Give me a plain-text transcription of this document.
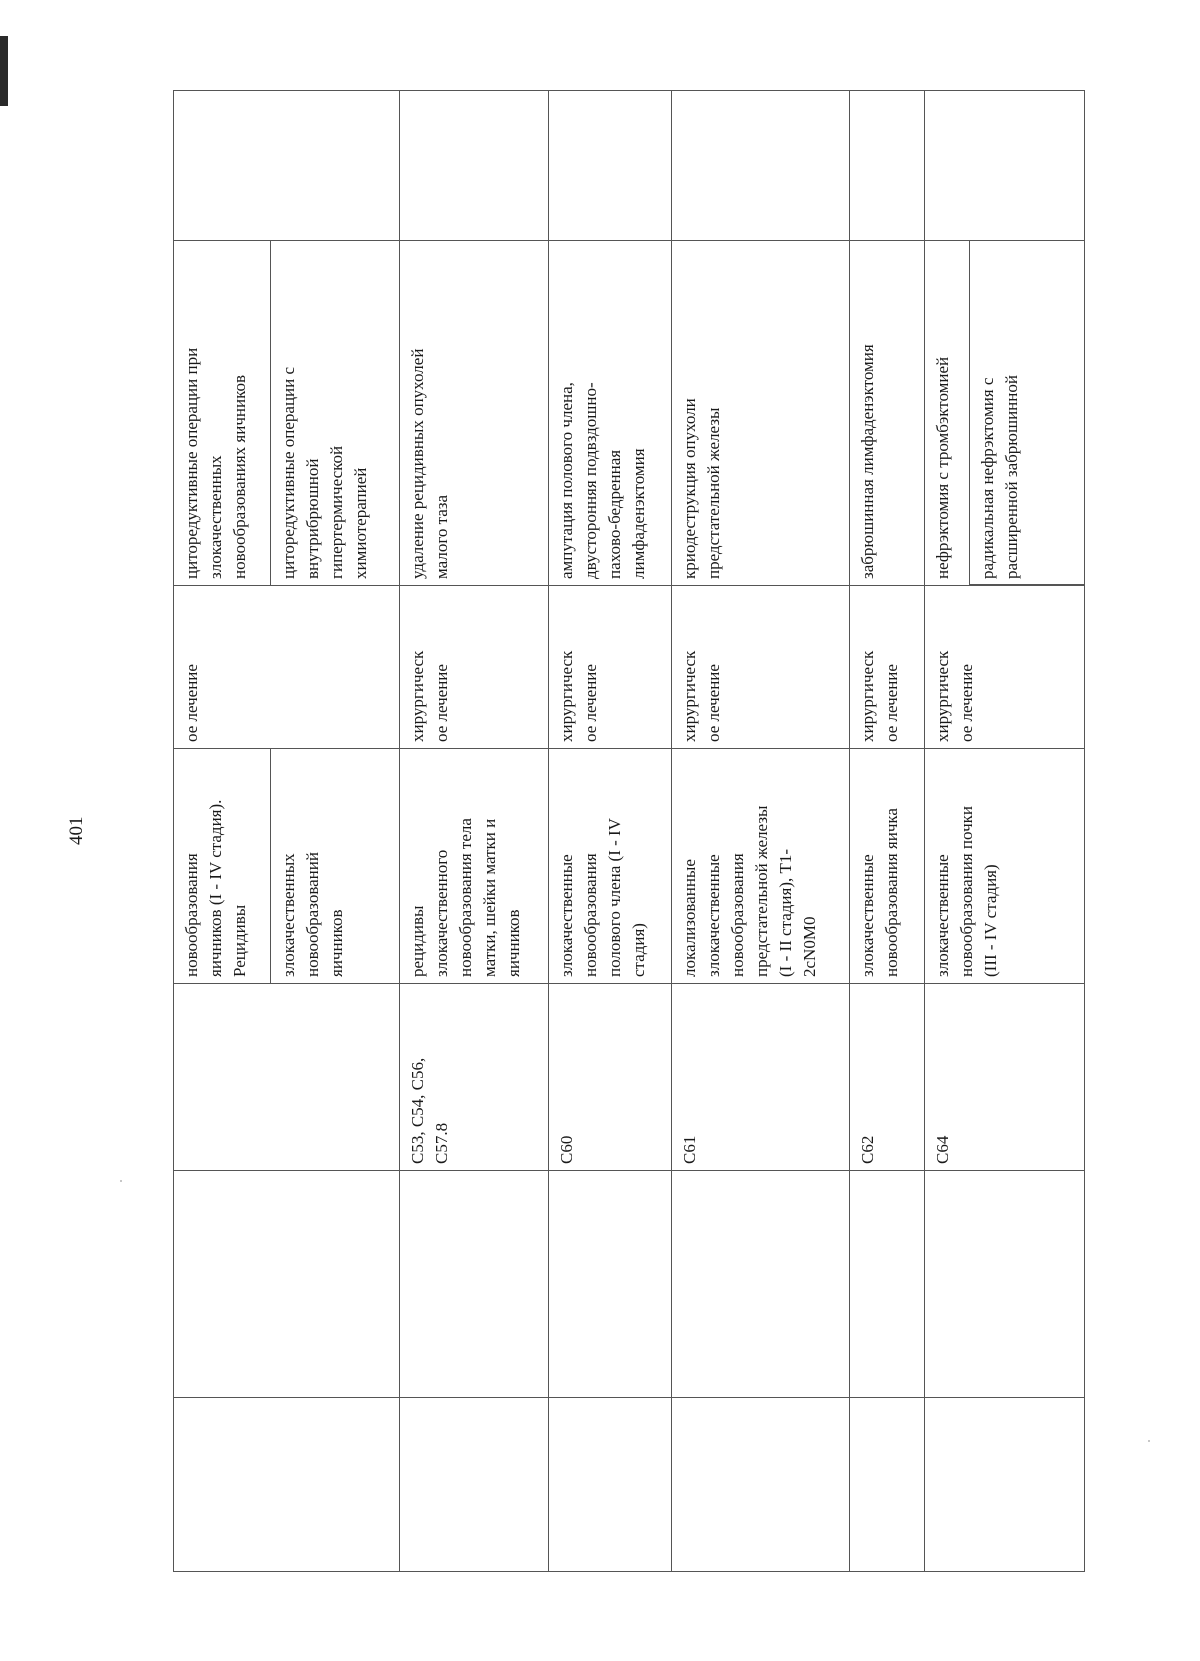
401
циторедуктивные операции при
злокачественных
новообразованиях яичников
циторедуктивные операции с
внутрибрюшной
гипертермической
химиотерапией
ое лечение
новообразования
яичников (I - IV стадия).
Рецидивы злокачественных
новообразований
яичников
удаление рецидивных опухолей
малого таза
хирургическ
ое лечение
рецидивы
злокачественного
новообразования тела
матки, шейки матки и
яичников
C53, C54, C56,
C57.8
ампутация полового члена,
двусторонняя подвздошно-
пахово-бедренная
лимфаденэктомия
хирургическ
ое лечение
злокачественные
новообразования
полового члена (I - IV
стадия)
C60
криодеструкция опухоли
предстательной железы
хирургическ
ое лечение
локализованные
злокачественные
новообразования
предстательной железы
(I - II стадия), T1-
2cN0M0
C61
забрюшинная лимфаденэктомия
хирургическ
ое лечение
злокачественные
новообразования яичка
C62
нефрэктомия с тромбэктомией радикальная нефрэктомия с
расширенной забрюшинной
хирургическ
ое лечение
злокачественные
новообразования почки
(III - IV стадия)
C64
